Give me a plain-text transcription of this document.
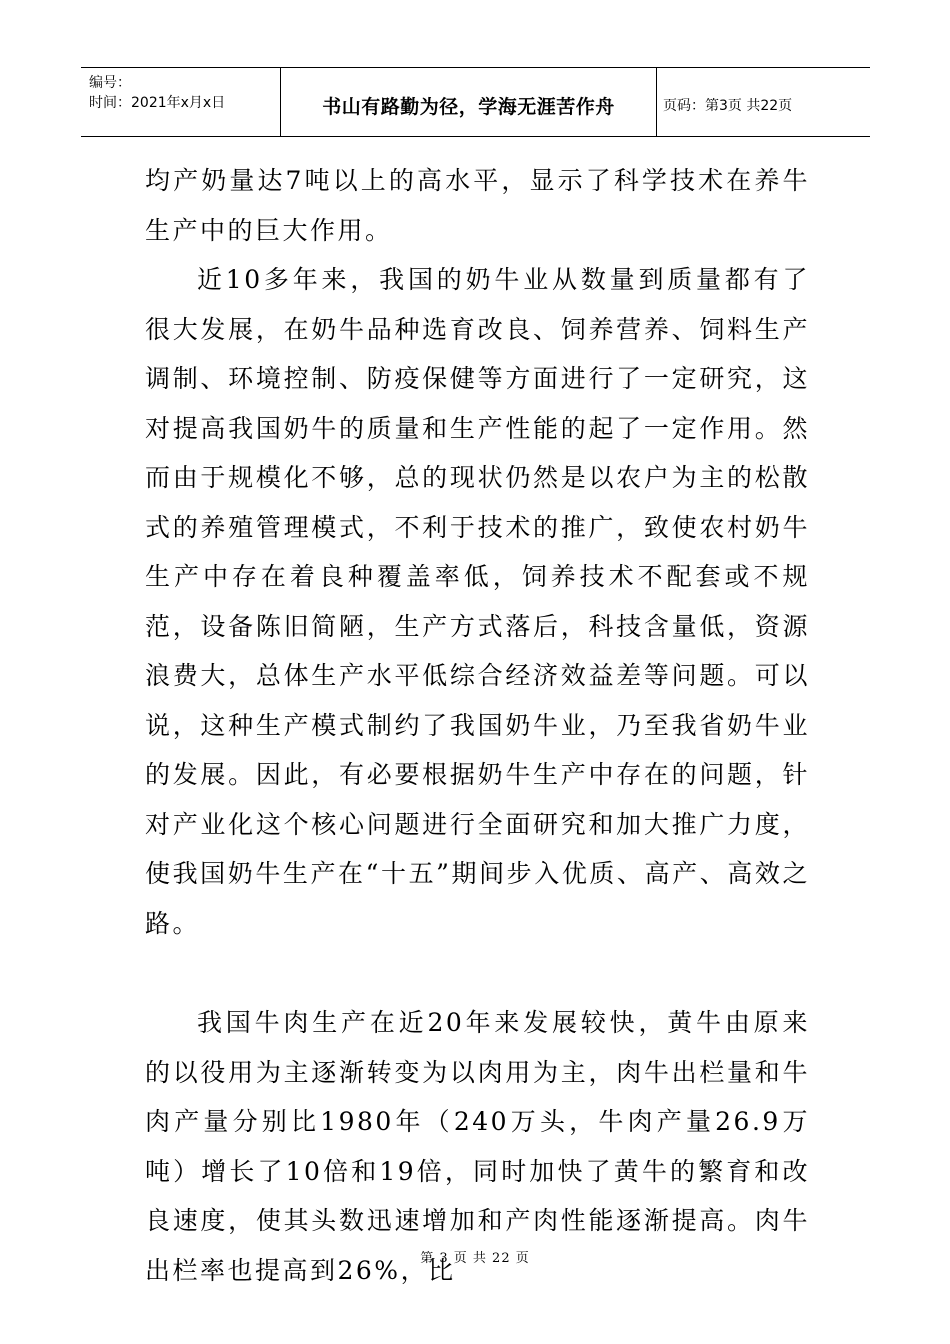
编号：
时间：2021年x月x日	书山有路勤为径，学海无涯苦作舟	页码：第3页 共22页

均产奶量达7吨以上的高水平，显示了科学技术在养牛生产中的巨大作用。

近10多年来，我国的奶牛业从数量到质量都有了很大发展，在奶牛品种选育改良、饲养营养、饲料生产调制、环境控制、防疫保健等方面进行了一定研究，这对提高我国奶牛的质量和生产性能的起了一定作用。然而由于规模化不够，总的现状仍然是以农户为主的松散式的养殖管理模式，不利于技术的推广，致使农村奶牛生产中存在着良种覆盖率低，饲养技术不配套或不规范，设备陈旧简陋，生产方式落后，科技含量低，资源浪费大，总体生产水平低综合经济效益差等问题。可以说，这种生产模式制约了我国奶牛业，乃至我省奶牛业的发展。因此，有必要根据奶牛生产中存在的问题，针对产业化这个核心问题进行全面研究和加大推广力度，使我国奶牛生产在“十五”期间步入优质、高产、高效之路。

我国牛肉生产在近20年来发展较快，黄牛由原来的以役用为主逐渐转变为以肉用为主，肉牛出栏量和牛肉产量分别比1980年（240万头，牛肉产量26.9万吨）增长了10倍和19倍，同时加快了黄牛的繁育和改良速度，使其头数迅速增加和产肉性能逐渐提高。肉牛出栏率也提高到26%，比

第 3 页 共 22 页
